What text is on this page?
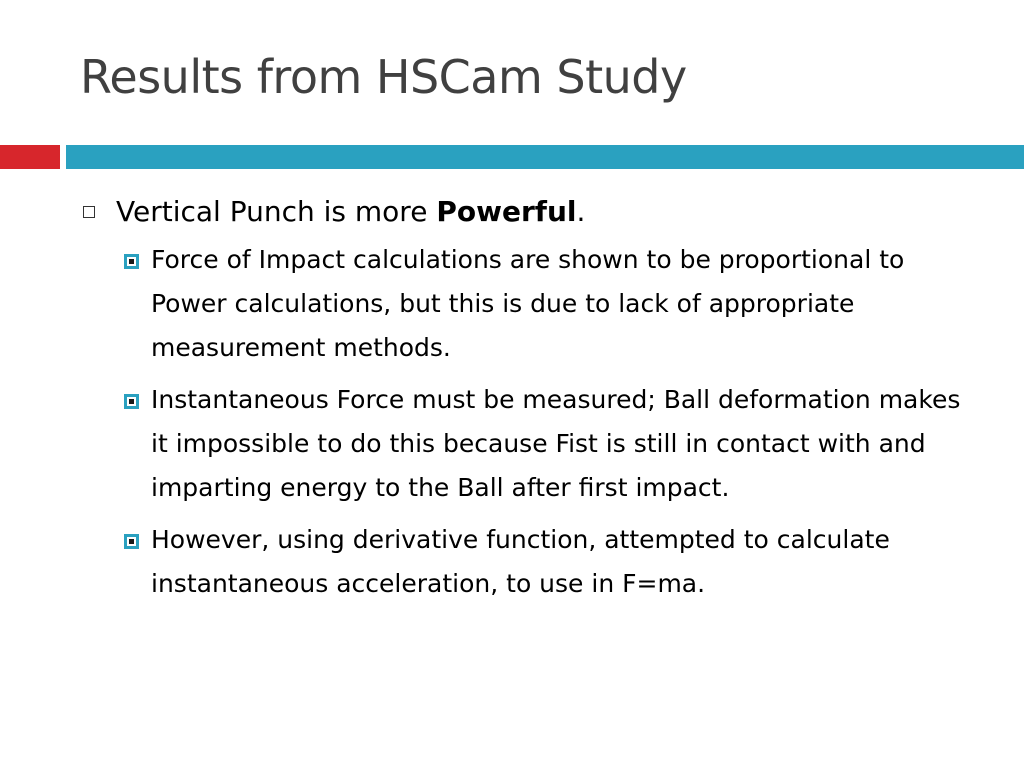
Results from HSCam Study
Vertical Punch is more Powerful.
Force of Impact calculations are shown to be proportional to Power calculations, but this is due to lack of appropriate measurement methods.
Instantaneous Force must be measured; Ball deformation makes it impossible to do this because Fist is still in contact with and imparting energy to the Ball after first impact.
However, using derivative function, attempted to calculate instantaneous acceleration, to use in F=ma.
